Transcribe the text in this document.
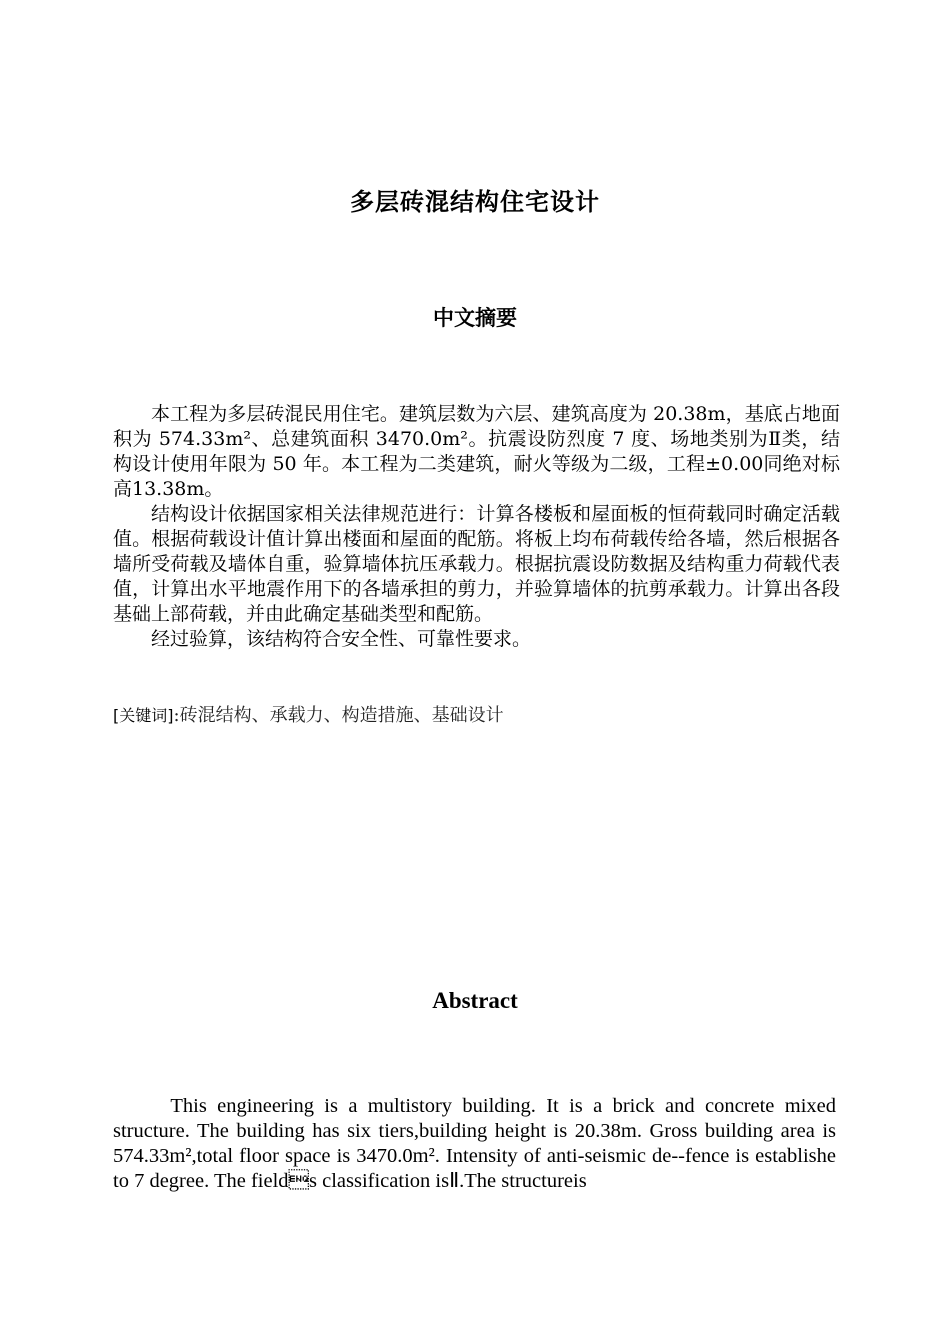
多层砖混结构住宅设计
中文摘要

本工程为多层砖混民用住宅。建筑层数为六层、建筑高度为 20.38m，基底占地面积为 574.33m²、总建筑面积 3470.0m²。抗震设防烈度 7 度、场地类别为Ⅱ类，结构设计使用年限为 50 年。本工程为二类建筑，耐火等级为二级，工程±0.00同绝对标高13.38m。

结构设计依据国家相关法律规范进行：计算各楼板和屋面板的恒荷载同时确定活载值。根据荷载设计值计算出楼面和屋面的配筋。将板上均布荷载传给各墙，然后根据各墙所受荷载及墙体自重，验算墙体抗压承载力。根据抗震设防数据及结构重力荷载代表值，计算出水平地震作用下的各墙承担的剪力，并验算墙体的抗剪承载力。计算出各段基础上部荷载，并由此确定基础类型和配筋。

经过验算，该结构符合安全性、可靠性要求。

[关键词]:砖混结构、承载力、构造措施、基础设计
Abstract

This engineering is a multistory building. It is a brick and concrete mixed structure. The building has six tiers,building height is 20.38m. Gross building area is 574.33m²,total floor space is 3470.0m². Intensity of anti-seismic de--fence is establishe to 7 degree. The fields classification isⅡ.The structureis
